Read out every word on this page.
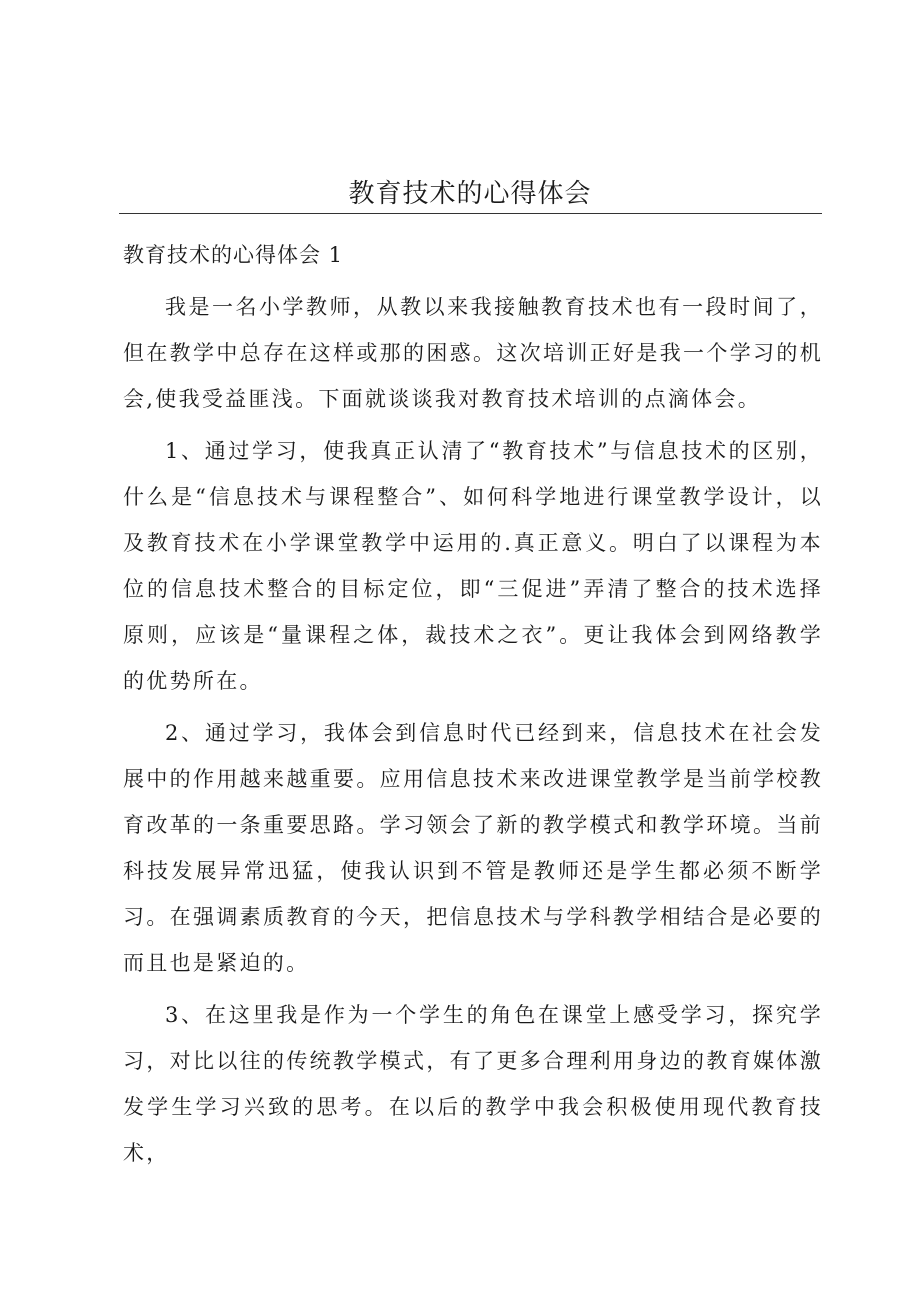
教育技术的心得体会
教育技术的心得体会 1

我是一名小学教师，从教以来我接触教育技术也有一段时间了，但在教学中总存在这样或那的困惑。这次培训正好是我一个学习的机会,使我受益匪浅。下面就谈谈我对教育技术培训的点滴体会。

1、通过学习，使我真正认清了“教育技术”与信息技术的区别，什么是“信息技术与课程整合”、如何科学地进行课堂教学设计，以及教育技术在小学课堂教学中运用的.真正意义。明白了以课程为本位的信息技术整合的目标定位，即“三促进”弄清了整合的技术选择原则，应该是“量课程之体，裁技术之衣”。更让我体会到网络教学的优势所在。

2、通过学习，我体会到信息时代已经到来，信息技术在社会发展中的作用越来越重要。应用信息技术来改进课堂教学是当前学校教育改革的一条重要思路。学习领会了新的教学模式和教学环境。当前科技发展异常迅猛，使我认识到不管是教师还是学生都必须不断学习。在强调素质教育的今天，把信息技术与学科教学相结合是必要的而且也是紧迫的。

3、在这里我是作为一个学生的角色在课堂上感受学习，探究学习，对比以往的传统教学模式，有了更多合理利用身边的教育媒体激发学生学习兴致的思考。在以后的教学中我会积极使用现代教育技术，
